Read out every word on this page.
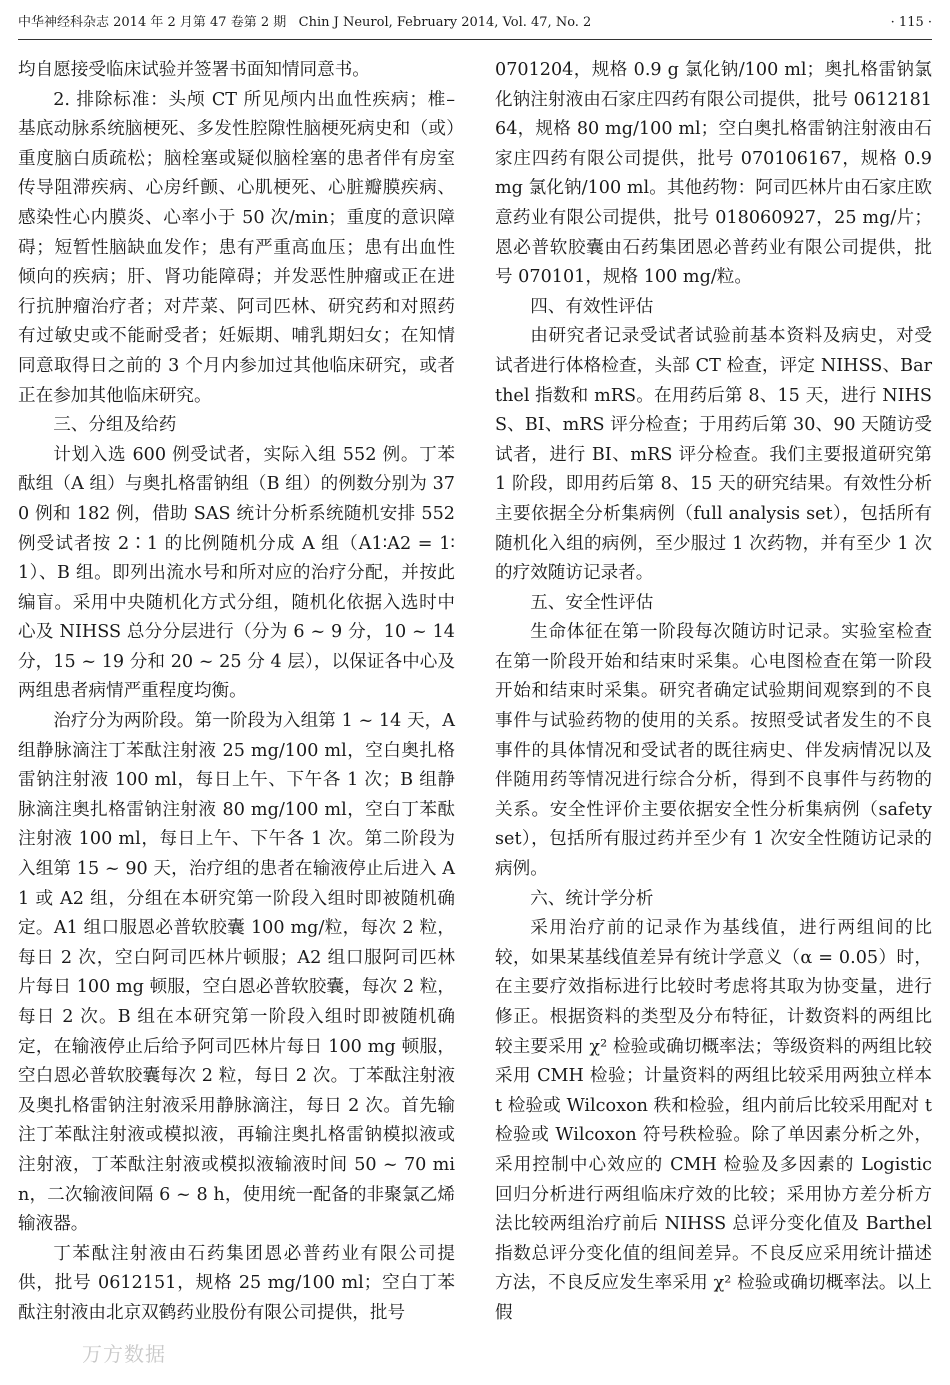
中华神经科杂志 2014 年 2 月第 47 卷第 2 期 Chin J Neurol, February 2014, Vol. 47, No. 2	· 115 ·

均自愿接受临床试验并签署书面知情同意书。

2. 排除标准：头颅 CT 所见颅内出血性疾病；椎–基底动脉系统脑梗死、多发性腔隙性脑梗死病史和（或）重度脑白质疏松；脑栓塞或疑似脑栓塞的患者伴有房室传导阻滞疾病、心房纤颤、心肌梗死、心脏瓣膜疾病、感染性心内膜炎、心率小于 50 次/min；重度的意识障碍；短暂性脑缺血发作；患有严重高血压；患有出血性倾向的疾病；肝、肾功能障碍；并发恶性肿瘤或正在进行抗肿瘤治疗者；对芹菜、阿司匹林、研究药和对照药有过敏史或不能耐受者；妊娠期、哺乳期妇女；在知情同意取得日之前的 3 个月内参加过其他临床研究，或者正在参加其他临床研究。

三、分组及给药

计划入选 600 例受试者，实际入组 552 例。丁苯酞组（A 组）与奥扎格雷钠组（B 组）的例数分别为 370 例和 182 例，借助 SAS 统计分析系统随机安排 552 例受试者按 2∶1 的比例随机分成 A 组（A1∶A2 = 1∶1）、B 组。即列出流水号和所对应的治疗分配，并按此编盲。采用中央随机化方式分组，随机化依据入选时中心及 NIHSS 总分分层进行（分为 6 ~ 9 分，10 ~ 14 分，15 ~ 19 分和 20 ~ 25 分 4 层），以保证各中心及两组患者病情严重程度均衡。

治疗分为两阶段。第一阶段为入组第 1 ~ 14 天，A 组静脉滴注丁苯酞注射液 25 mg/100 ml，空白奥扎格雷钠注射液 100 ml，每日上午、下午各 1 次；B 组静脉滴注奥扎格雷钠注射液 80 mg/100 ml，空白丁苯酞注射液 100 ml，每日上午、下午各 1 次。第二阶段为入组第 15 ~ 90 天，治疗组的患者在输液停止后进入 A1 或 A2 组，分组在本研究第一阶段入组时即被随机确定。A1 组口服恩必普软胶囊 100 mg/粒，每次 2 粒，每日 2 次，空白阿司匹林片顿服；A2 组口服阿司匹林片每日 100 mg 顿服，空白恩必普软胶囊，每次 2 粒，每日 2 次。B 组在本研究第一阶段入组时即被随机确定，在输液停止后给予阿司匹林片每日 100 mg 顿服，空白恩必普软胶囊每次 2 粒，每日 2 次。丁苯酞注射液及奥扎格雷钠注射液采用静脉滴注，每日 2 次。首先输注丁苯酞注射液或模拟液，再输注奥扎格雷钠模拟液或注射液，丁苯酞注射液或模拟液输液时间 50 ~ 70 min，二次输液间隔 6 ~ 8 h，使用统一配备的非聚氯乙烯输液器。

丁苯酞注射液由石药集团恩必普药业有限公司提供，批号 0612151，规格 25 mg/100 ml；空白丁苯酞注射液由北京双鹤药业股份有限公司提供，批号

0701204，规格 0.9 g 氯化钠/100 ml；奥扎格雷钠氯化钠注射液由石家庄四药有限公司提供，批号 061218164，规格 80 mg/100 ml；空白奥扎格雷钠注射液由石家庄四药有限公司提供，批号 070106167，规格 0.9 mg 氯化钠/100 ml。其他药物：阿司匹林片由石家庄欧意药业有限公司提供，批号 018060927，25 mg/片；恩必普软胶囊由石药集团恩必普药业有限公司提供，批号 070101，规格 100 mg/粒。

四、有效性评估

由研究者记录受试者试验前基本资料及病史，对受试者进行体格检查，头部 CT 检查，评定 NIHSS、Barthel 指数和 mRS。在用药后第 8、15 天，进行 NIHSS、BI、mRS 评分检查；于用药后第 30、90 天随访受试者，进行 BI、mRS 评分检查。我们主要报道研究第 1 阶段，即用药后第 8、15 天的研究结果。有效性分析主要依据全分析集病例（full analysis set），包括所有随机化入组的病例，至少服过 1 次药物，并有至少 1 次的疗效随访记录者。

五、安全性评估

生命体征在第一阶段每次随访时记录。实验室检查在第一阶段开始和结束时采集。心电图检查在第一阶段开始和结束时采集。研究者确定试验期间观察到的不良事件与试验药物的使用的关系。按照受试者发生的不良事件的具体情况和受试者的既往病史、伴发病情况以及伴随用药等情况进行综合分析，得到不良事件与药物的关系。安全性评价主要依据安全性分析集病例（safety set），包括所有服过药并至少有 1 次安全性随访记录的病例。

六、统计学分析

采用治疗前的记录作为基线值，进行两组间的比较，如果某基线值差异有统计学意义（α = 0.05）时，在主要疗效指标进行比较时考虑将其取为协变量，进行修正。根据资料的类型及分布特征，计数资料的两组比较主要采用 χ² 检验或确切概率法；等级资料的两组比较采用 CMH 检验；计量资料的两组比较采用两独立样本 t 检验或 Wilcoxon 秩和检验，组内前后比较采用配对 t 检验或 Wilcoxon 符号秩检验。除了单因素分析之外，采用控制中心效应的 CMH 检验及多因素的 Logistic 回归分析进行两组临床疗效的比较；采用协方差分析方法比较两组治疗前后 NIHSS 总评分变化值及 Barthel 指数总评分变化值的组间差异。不良反应采用统计描述方法，不良反应发生率采用 χ² 检验或确切概率法。以上假

万方数据
